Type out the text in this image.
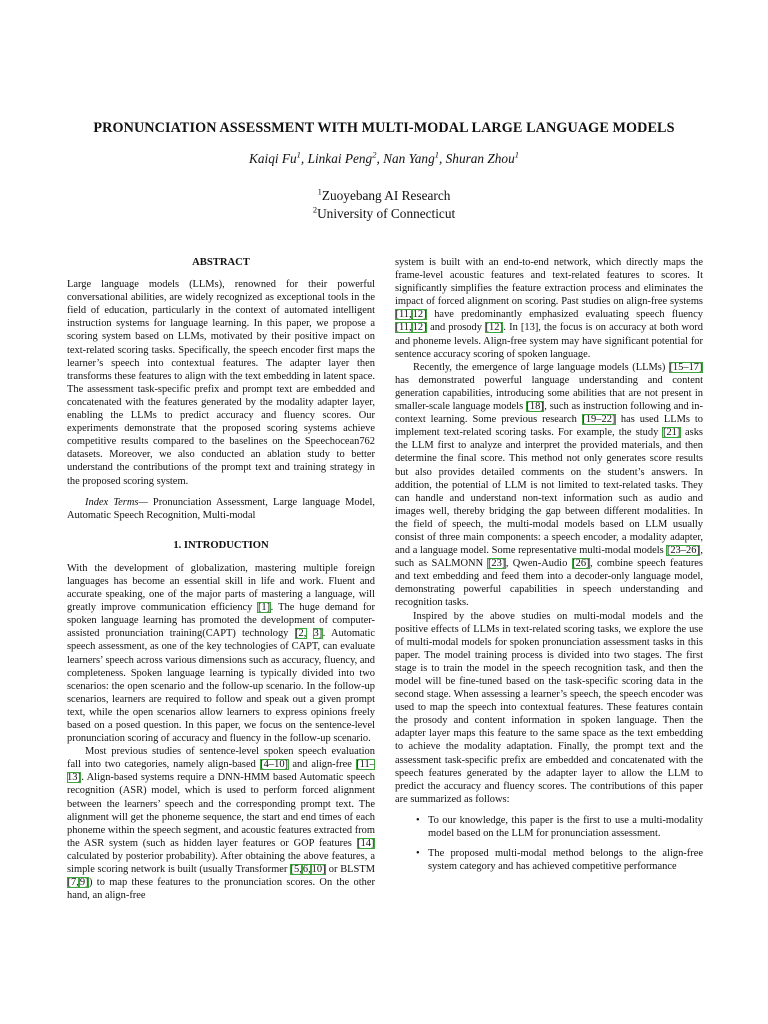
PRONUNCIATION ASSESSMENT WITH MULTI-MODAL LARGE LANGUAGE MODELS
Kaiqi Fu$^1$, Linkai Peng$^2$, Nan Yang$^1$, Shuran Zhou$^1$
$^1$Zuoyebang AI Research
$^2$University of Connecticut
ABSTRACT

Large language models (LLMs), renowned for their powerful conversational abilities, are widely recognized as exceptional tools in the field of education, particularly in the context of automated intelligent instruction systems for language learning. In this paper, we propose a scoring system based on LLMs, motivated by their positive impact on text-related scoring tasks. Specifically, the speech encoder first maps the learner’s speech into contextual features. The adapter layer then transforms these features to align with the text embedding in latent space. The assessment task-specific prefix and prompt text are embedded and concatenated with the features generated by the modality adapter layer, enabling the LLMs to predict accuracy and fluency scores. Our experiments demonstrate that the proposed scoring systems achieve competitive results compared to the baselines on the Speechocean762 datasets. Moreover, we also conducted an ablation study to better understand the contributions of the prompt text and training strategy in the proposed scoring system.

Index Terms— Pronunciation Assessment, Large language Model, Automatic Speech Recognition, Multi-modal

1. INTRODUCTION

With the development of globalization, mastering multiple foreign languages has become an essential skill in life and work. Fluent and accurate speaking, one of the major parts of mastering a language, will greatly improve communication efficiency [1]. The huge demand for spoken language learning has promoted the development of computer-assisted pronunciation training(CAPT) technology [2, 3]. Automatic speech assessment, as one of the key technologies of CAPT, can evaluate learners’ speech across various dimensions such as accuracy, fluency, and completeness. Spoken language learning is typically divided into two scenarios: the open scenario and the follow-up scenario. In the follow-up scenarios, learners are required to follow and speak out a given prompt text, while the open scenarios allow learners to express opinions freely based on a posed question. In this paper, we focus on the sentence-level pronunciation scoring of accuracy and fluency in the follow-up scenario.

Most previous studies of sentence-level spoken speech evaluation fall into two categories, namely align-based [4–10] and align-free [11–13]. Align-based systems require a DNN-HMM based Automatic speech recognition (ASR) model, which is used to perform forced alignment between the learners’ speech and the corresponding prompt text. The alignment will get the phoneme sequence, the start and end times of each phoneme within the speech segment, and acoustic features extracted from the ASR system (such as hidden layer features or GOP features [14] calculated by posterior probability). After obtaining the above features, a simple scoring network is built (usually Transformer [5,6,10] or BLSTM [7,9]) to map these features to the pronunciation scores. On the other hand, an align-free

system is built with an end-to-end network, which directly maps the frame-level acoustic features and text-related features to scores. It significantly simplifies the feature extraction process and eliminates the impact of forced alignment on scoring. Past studies on align-free systems [11,12] have predominantly emphasized evaluating speech fluency [11,12] and prosody [12]. In [13], the focus is on accuracy at both word and phoneme levels. Align-free system may have significant potential for sentence accuracy scoring of spoken language.

Recently, the emergence of large language models (LLMs) [15–17] has demonstrated powerful language understanding and content generation capabilities, introducing some abilities that are not present in smaller-scale language models [18], such as instruction following and in-context learning. Some previous research [19–22] has used LLMs to implement text-related scoring tasks. For example, the study [21] asks the LLM first to analyze and interpret the provided materials, and then determine the final score. This method not only generates score results but also provides detailed comments on the student’s answers. In addition, the potential of LLM is not limited to text-related tasks. They can handle and understand non-text information such as audio and images well, thereby bridging the gap between different modalities. In the field of speech, the multi-modal models based on LLM usually consist of three main components: a speech encoder, a modality adapter, and a language model. Some representative multi-modal models [23–26], such as SALMONN [23], Qwen-Audio [26], combine speech features and text embedding and feed them into a decoder-only language model, demonstrating powerful capabilities in speech understanding and recognition tasks.

Inspired by the above studies on multi-modal models and the positive effects of LLMs in text-related scoring tasks, we explore the use of multi-modal models for spoken pronunciation assessment tasks in this paper. The model training process is divided into two stages. The first stage is to train the model in the speech recognition task, and then the model will be fine-tuned based on the task-specific scoring data in the second stage. When assessing a learner’s speech, the speech encoder was used to map the speech into contextual features. These features contain the prosody and content information in spoken language. Then the adapter layer maps this feature to the same space as the text embedding to achieve the modality adaptation. Finally, the prompt text and the assessment task-specific prefix are embedded and concatenated with the speech features generated by the adapter layer to allow the LLM to predict the accuracy and fluency scores. The contributions of this paper are summarized as follows:

• To our knowledge, this paper is the first to use a multi-modality model based on the LLM for pronunciation assessment.
• The proposed multi-modal method belongs to the align-free system category and has achieved competitive performance
